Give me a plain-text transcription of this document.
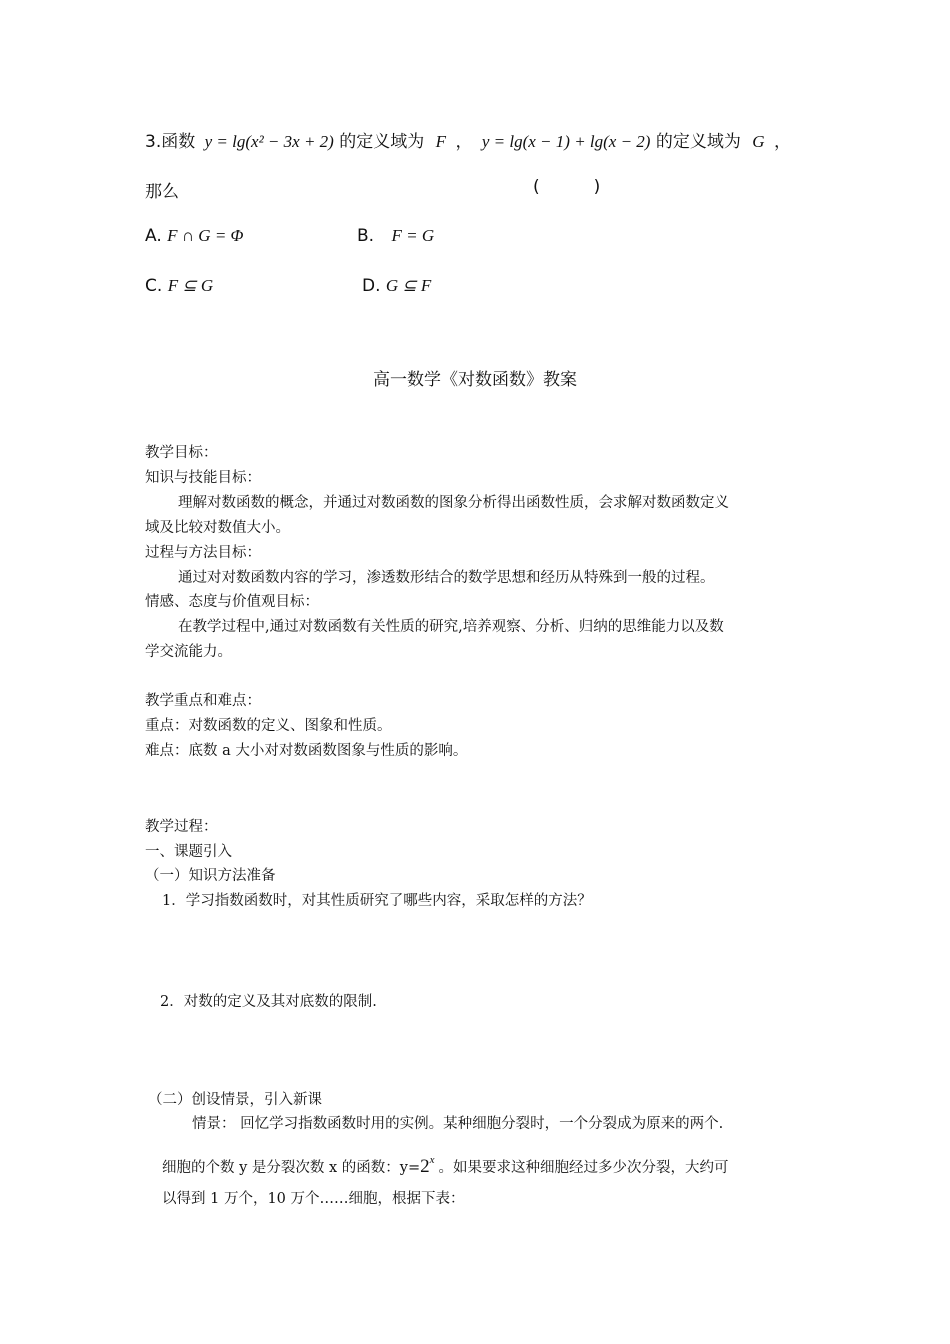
3.函数 y = lg(x² − 3x + 2) 的定义域为 F ， y = lg(x − 1) + lg(x − 2) 的定义域为 G ，
那么	(          )
A. F ∩ G = Φ	B. F = G
C. F ⊆ G	D. G ⊆ F
高一数学《对数函数》教案
教学目标：
知识与技能目标：
理解对数函数的概念，并通过对数函数的图象分析得出函数性质，会求解对数函数定义
域及比较对数值大小。
过程与方法目标：
通过对对数函数内容的学习，渗透数形结合的数学思想和经历从特殊到一般的过程。
情感、态度与价值观目标：
在教学过程中,通过对数函数有关性质的研究,培养观察、分析、归纳的思维能力以及数
学交流能力。
教学重点和难点：
重点：对数函数的定义、图象和性质。
难点：底数 a 大小对对数函数图象与性质的影响。
教学过程：
一、课题引入
（一）知识方法准备
1．学习指数函数时，对其性质研究了哪些内容，采取怎样的方法？
2．对数的定义及其对底数的限制.
（二）创设情景，引入新课
情景： 回忆学习指数函数时用的实例。某种细胞分裂时，一个分裂成为原来的两个.
细胞的个数 y 是分裂次数 x 的函数：$y=2^x$ 。如果要求这种细胞经过多少次分裂，大约可
以得到 1 万个，10 万个……细胞，根据下表：
